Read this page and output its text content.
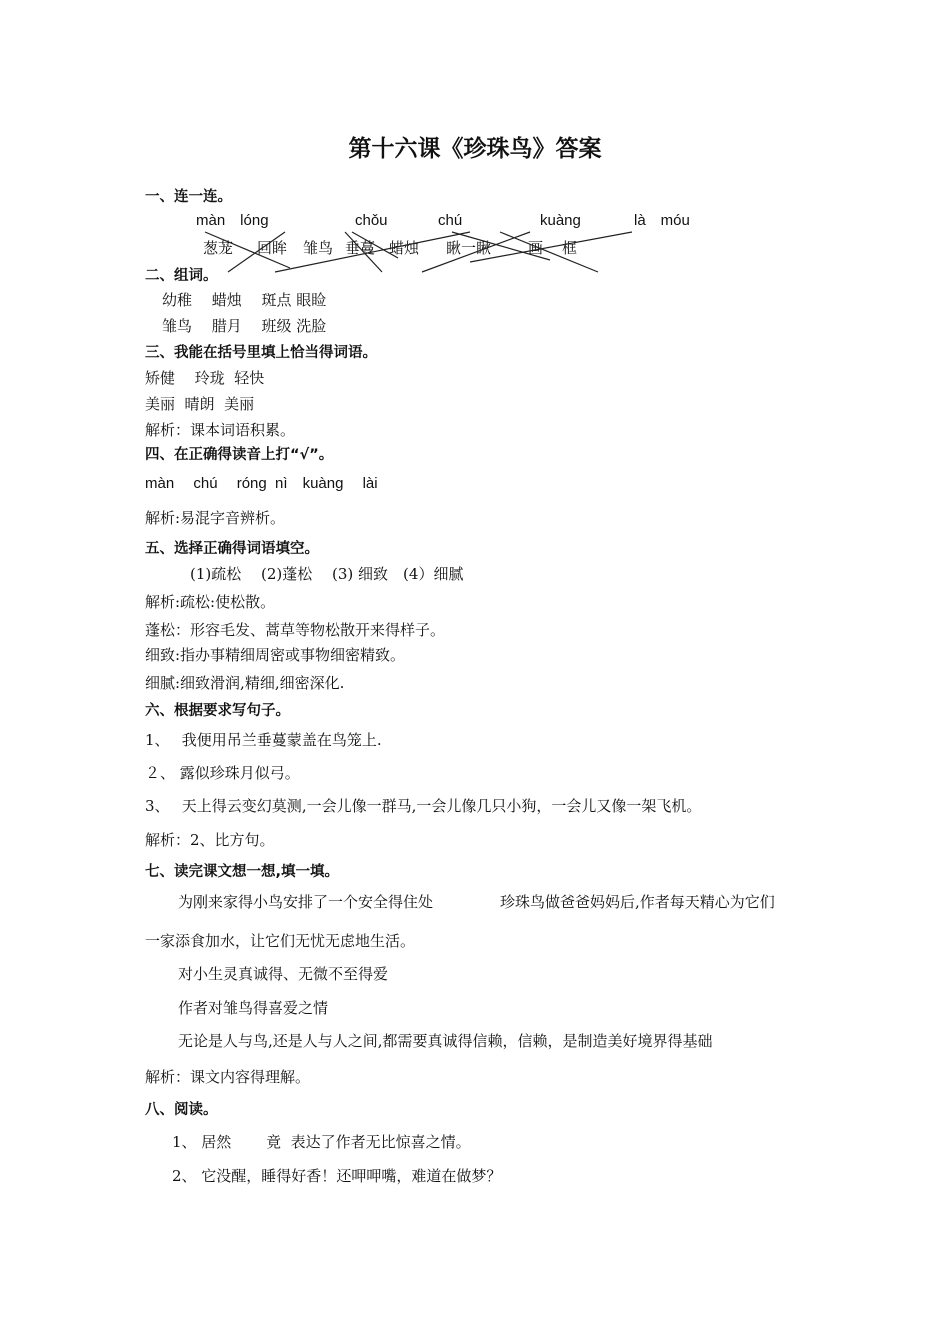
第十六课《珍珠鸟》答案
一、连一连。
màn　lóng	chǒu	chú	kuàng	là　móu
葱茏 回眸 雏鸟 垂蔓 蜡烛 瞅一瞅 画 框
二、组词。
幼稚　 蜡烛　 斑点 眼睑
雏鸟　 腊月　 班级 洗脸
三、我能在括号里填上恰当得词语。
矫健　 玲珑  轻快
美丽  晴朗  美丽
解析：课本词语积累。
四、在正确得读音上打“√”。
màn　 chú　 róng  nì　kuàng　 lài
解析:易混字音辨析。
五、选择正确得词语填空。
(1)疏松　 (2)蓬松　 (3) 细致　(4）细腻
解析:疏松:使松散。
蓬松：形容毛发、蒿草等物松散开来得样子。
细致:指办事精细周密或事物细密精致。
细腻:细致滑润,精细,细密深化.
六、根据要求写句子。
1、　 我便用吊兰垂蔓蒙盖在鸟笼上.
２、 露似珍珠月似弓。
3、　 天上得云变幻莫测,一会儿像一群马,一会儿像几只小狗，一会儿又像一架飞机。
解析：2、比方句。
七、读完课文想一想,填一填。
为刚来家得小鸟安排了一个安全得住处	珍珠鸟做爸爸妈妈后,作者每天精心为它们
一家添食加水，让它们无忧无虑地生活。
对小生灵真诚得、无微不至得爱
作者对雏鸟得喜爱之情
无论是人与鸟,还是人与人之间,都需要真诚得信赖，信赖，是制造美好境界得基础
解析：课文内容得理解。
八、阅读。
1、 居然　　 竟  表达了作者无比惊喜之情。
2、 它没醒，睡得好香！还呷呷嘴，难道在做梦？
